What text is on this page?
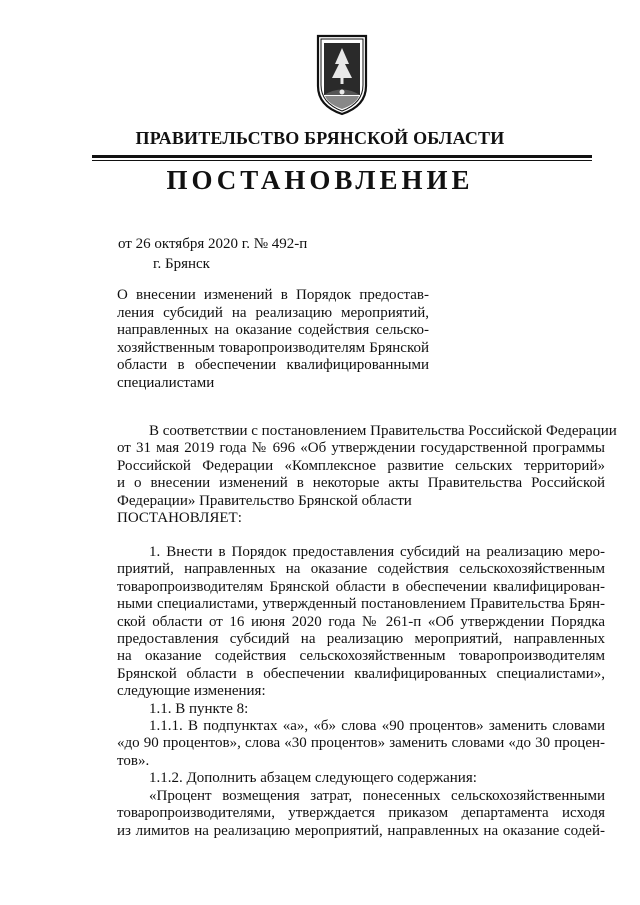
ПРАВИТЕЛЬСТВО БРЯНСКОЙ ОБЛАСТИ
ПОСТАНОВЛЕНИЕ
от 26 октября 2020 г. № 492-п
г. Брянск
О внесении изменений в Порядок предостав-
ления субсидий на реализацию мероприятий,
направленных на оказание содействия сельско-
хозяйственным товаропроизводителям Брянской
области в обеспечении квалифицированными
специалистами
В соответствии с постановлением Правительства Российской Федерации
от 31 мая 2019 года № 696 «Об утверждении государственной программы
Российской Федерации «Комплексное развитие сельских территорий»
и о внесении изменений в некоторые акты Правительства Российской
Федерации» Правительство Брянской области
ПОСТАНОВЛЯЕТ:
1. Внести в Порядок предоставления субсидий на реализацию меро-
приятий, направленных на оказание содействия сельскохозяйственным
товаропроизводителям Брянской области в обеспечении квалифицирован-
ными специалистами, утвержденный постановлением Правительства Брян-
ской области от 16 июня 2020 года № 261-п «Об утверждении Порядка
предоставления субсидий на реализацию мероприятий, направленных
на оказание содействия сельскохозяйственным товаропроизводителям
Брянской области в обеспечении квалифицированных специалистами»,
следующие изменения:
1.1. В пункте 8:
1.1.1. В подпунктах «а», «б» слова «90 процентов» заменить словами
«до 90 процентов», слова «30 процентов» заменить словами «до 30 процен-
тов».
1.1.2. Дополнить абзацем следующего содержания:
«Процент возмещения затрат, понесенных сельскохозяйственными
товаропроизводителями, утверждается приказом департамента исходя
из лимитов на реализацию мероприятий, направленных на оказание содей-
